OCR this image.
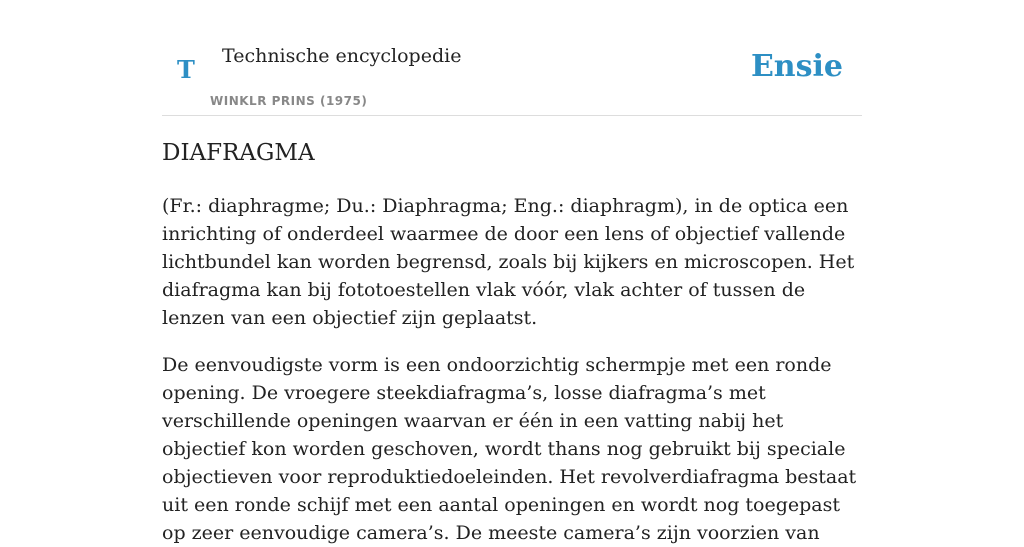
T Technische encyclopedie
WINKLR PRINS (1975)
Ensie
DIAFRAGMA

(Fr.: diaphragme; Du.: Diaphragma; Eng.: diaphragm), in de optica een inrichting of onderdeel waarmee de door een lens of objectief vallende lichtbundel kan worden begrensd, zoals bij kijkers en microscopen. Het diafragma kan bij fototoestellen vlak vóór, vlak achter of tussen de lenzen van een objectief zijn geplaatst.

De eenvoudigste vorm is een ondoorzichtig schermpje met een ronde opening. De vroegere steekdiafragma’s, losse diafragma’s met verschillende openingen waarvan er één in een vatting nabij het objectief kon worden geschoven, wordt thans nog gebruikt bij speciale objectieven voor reproduktiedoeleinden. Het revolverdiafragma bestaat uit een ronde schijf met een aantal openingen en wordt nog toegepast op zeer eenvoudige camera’s. De meeste camera’s zijn voorzien van
